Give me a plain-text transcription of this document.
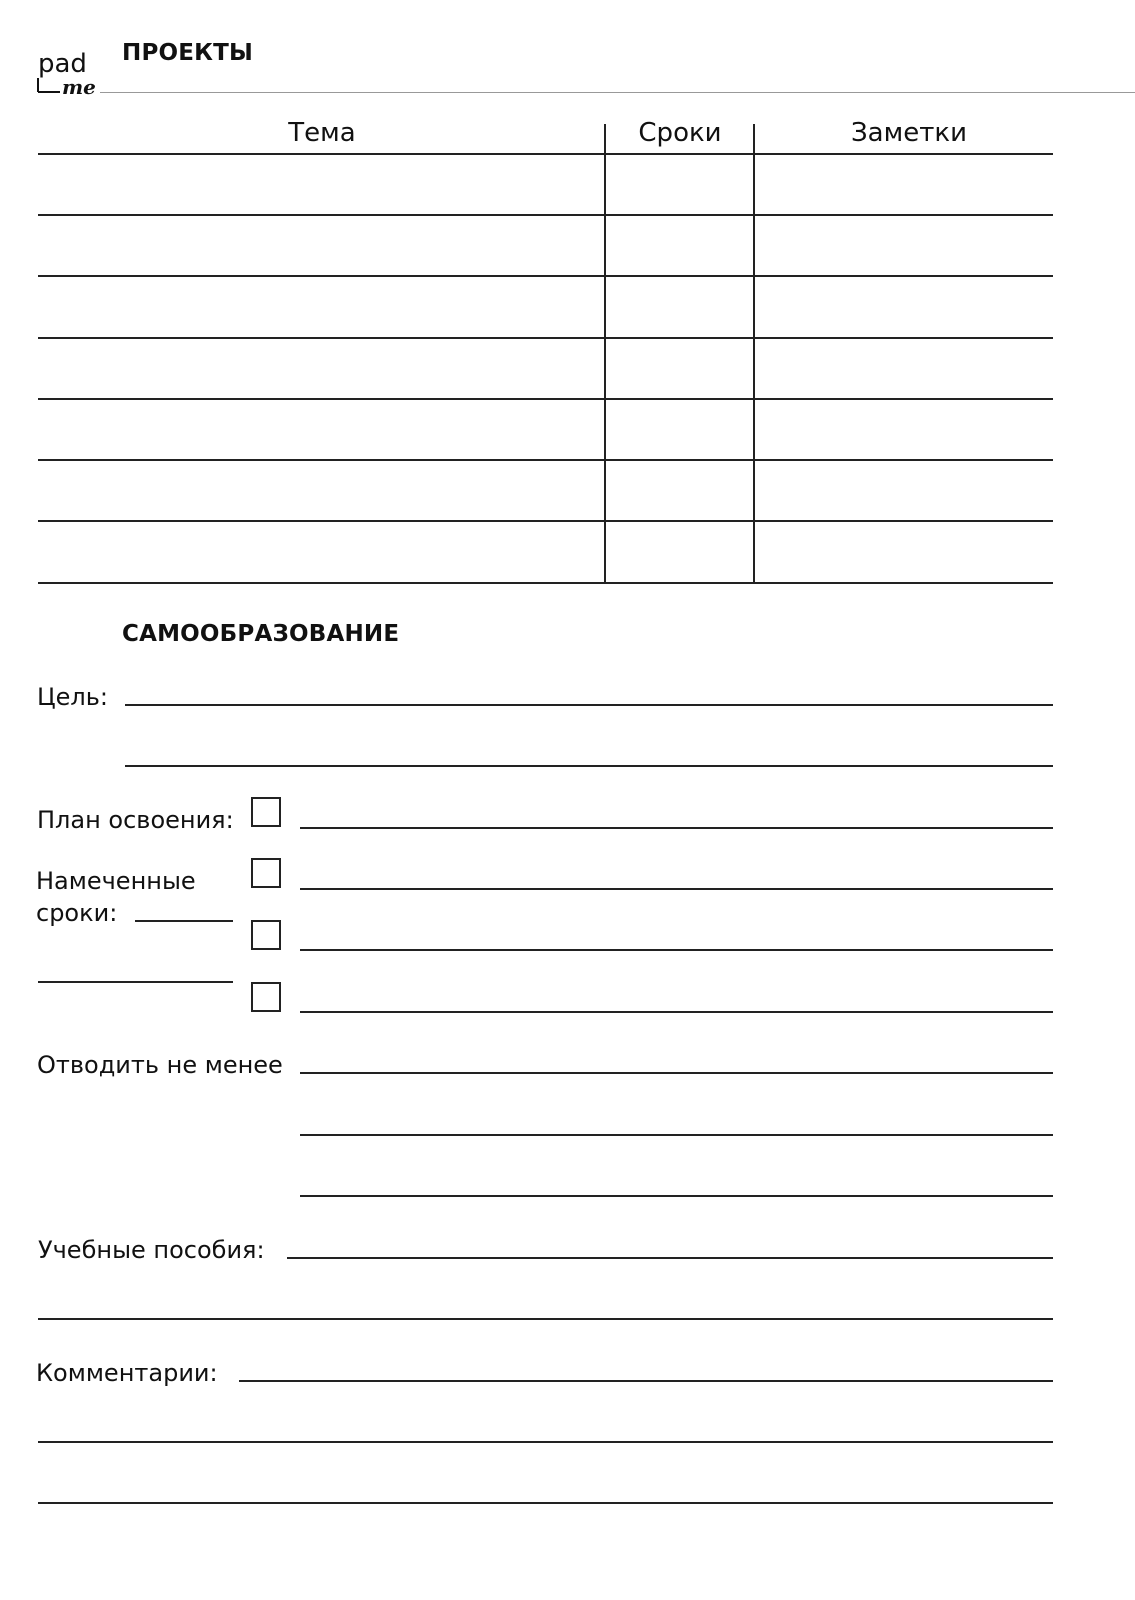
pad
me
ПРОЕКТЫ
Тема	Сроки	Заметки
САМООБРАЗОВАНИЕ
Цель:
План освоения:
Намеченные
сроки:
Отводить не менее
Учебные пособия:
Комментарии:
